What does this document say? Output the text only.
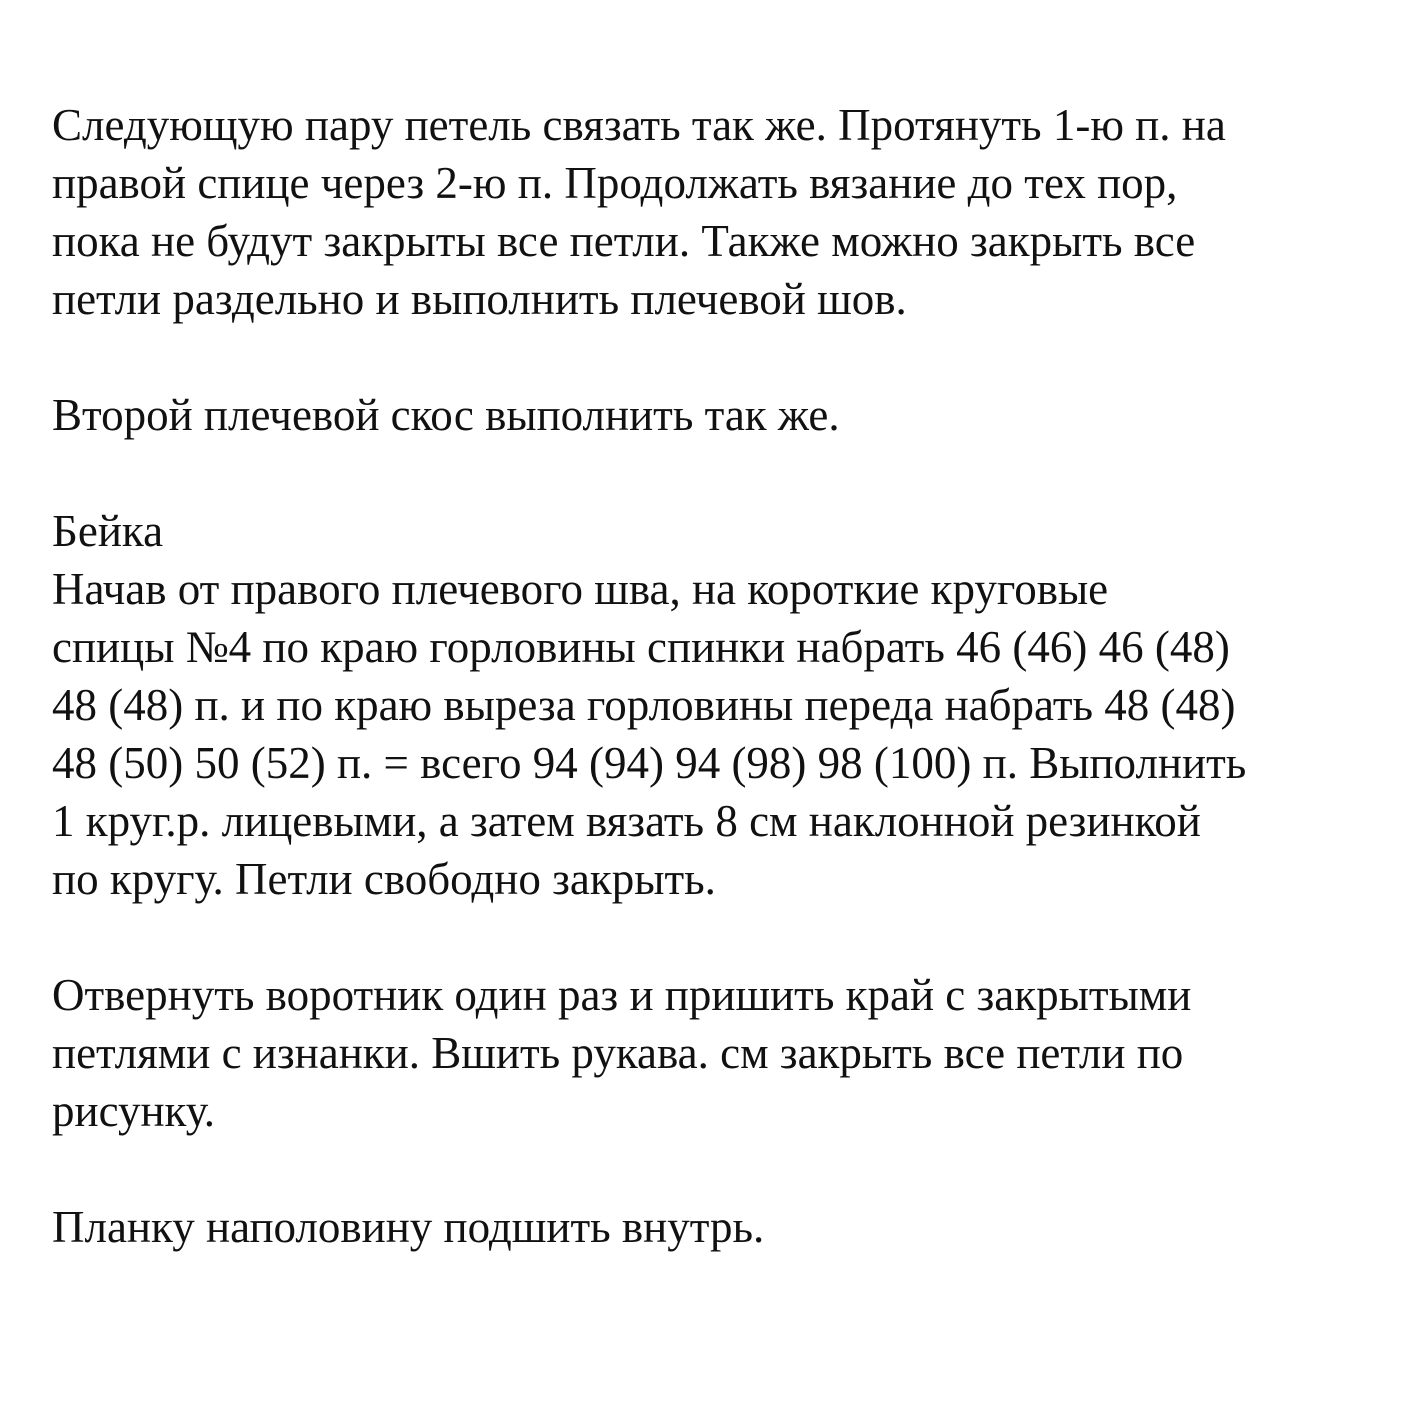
Следующую пару петель связать так же. Протянуть 1-ю п. на
правой спице через 2-ю п. Продолжать вязание до тех пор,
пока не будут закрыты все петли. Также можно закрыть все
петли раздельно и выполнить плечевой шов.
Второй плечевой скос выполнить так же.
Бейка
Начав от правого плечевого шва, на короткие круговые
спицы №4 по краю горловины спинки набрать 46 (46) 46 (48)
48 (48) п. и по краю выреза горловины переда набрать 48 (48)
48 (50) 50 (52) п. = всего 94 (94) 94 (98) 98 (100) п. Выполнить
1 круг.р. лицевыми, а затем вязать 8 см наклонной резинкой
по кругу. Петли свободно закрыть.
Отвернуть воротник один раз и пришить край с закрытыми
петлями с изнанки. Вшить рукава. см закрыть все петли по
рисунку.
Планку наполовину подшить внутрь.
